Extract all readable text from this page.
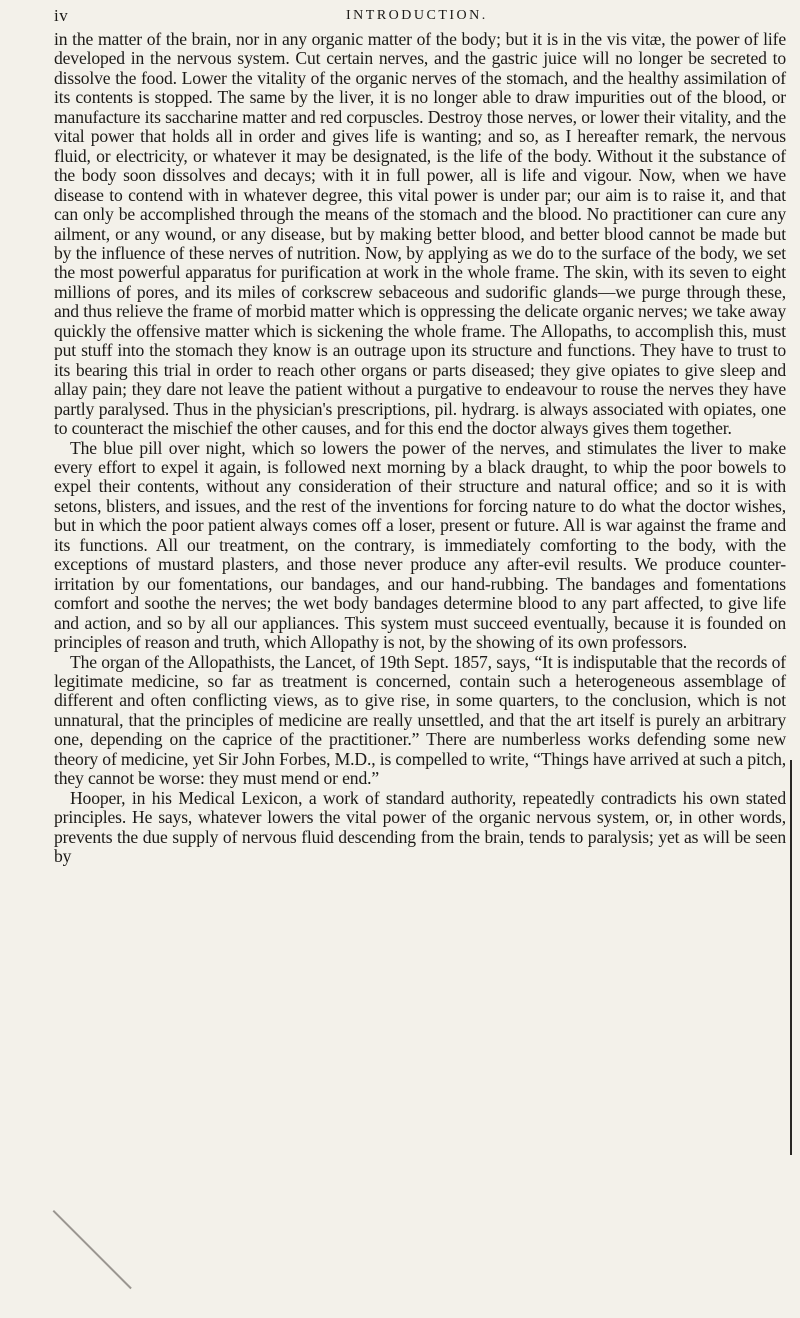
iv	INTRODUCTION.

in the matter of the brain, nor in any organic matter of the body; but it is in the vis vitæ, the power of life developed in the nervous system. Cut certain nerves, and the gastric juice will no longer be secreted to dissolve the food. Lower the vitality of the organic nerves of the stomach, and the healthy assimilation of its contents is stopped. The same by the liver, it is no longer able to draw impurities out of the blood, or manufacture its saccharine matter and red corpuscles. Destroy those nerves, or lower their vitality, and the vital power that holds all in order and gives life is wanting; and so, as I hereafter remark, the nervous fluid, or electricity, or whatever it may be designated, is the life of the body. Without it the substance of the body soon dissolves and decays; with it in full power, all is life and vigour. Now, when we have disease to contend with in whatever degree, this vital power is under par; our aim is to raise it, and that can only be accomplished through the means of the stomach and the blood. No practitioner can cure any ailment, or any wound, or any disease, but by making better blood, and better blood cannot be made but by the influence of these nerves of nutrition. Now, by applying as we do to the surface of the body, we set the most powerful apparatus for purification at work in the whole frame. The skin, with its seven to eight millions of pores, and its miles of corkscrew sebaceous and sudorific glands—we purge through these, and thus relieve the frame of morbid matter which is oppressing the delicate organic nerves; we take away quickly the offensive matter which is sickening the whole frame. The Allopaths, to accomplish this, must put stuff into the stomach they know is an outrage upon its structure and functions. They have to trust to its bearing this trial in order to reach other organs or parts diseased; they give opiates to give sleep and allay pain; they dare not leave the patient without a purgative to endeavour to rouse the nerves they have partly paralysed. Thus in the physician's prescriptions, pil. hydrarg. is always associated with opiates, one to counteract the mischief the other causes, and for this end the doctor always gives them together.

The blue pill over night, which so lowers the power of the nerves, and stimulates the liver to make every effort to expel it again, is followed next morning by a black draught, to whip the poor bowels to expel their contents, without any consideration of their structure and natural office; and so it is with setons, blisters, and issues, and the rest of the inventions for forcing nature to do what the doctor wishes, but in which the poor patient always comes off a loser, present or future. All is war against the frame and its functions. All our treatment, on the contrary, is immediately comforting to the body, with the exceptions of mustard plasters, and those never produce any after-evil results. We produce counter-irritation by our fomentations, our bandages, and our hand-rubbing. The bandages and fomentations comfort and soothe the nerves; the wet body bandages determine blood to any part affected, to give life and action, and so by all our appliances. This system must succeed eventually, because it is founded on principles of reason and truth, which Allopathy is not, by the showing of its own professors.

The organ of the Allopathists, the Lancet, of 19th Sept. 1857, says, “It is indisputable that the records of legitimate medicine, so far as treatment is concerned, contain such a heterogeneous assemblage of different and often conflicting views, as to give rise, in some quarters, to the conclusion, which is not unnatural, that the principles of medicine are really unsettled, and that the art itself is purely an arbitrary one, depending on the caprice of the practitioner.” There are numberless works defending some new theory of medicine, yet Sir John Forbes, M.D., is compelled to write, “Things have arrived at such a pitch, they cannot be worse: they must mend or end.”

Hooper, in his Medical Lexicon, a work of standard authority, repeatedly contradicts his own stated principles. He says, whatever lowers the vital power of the organic nervous system, or, in other words, prevents the due supply of nervous fluid descending from the brain, tends to paralysis; yet as will be seen by
